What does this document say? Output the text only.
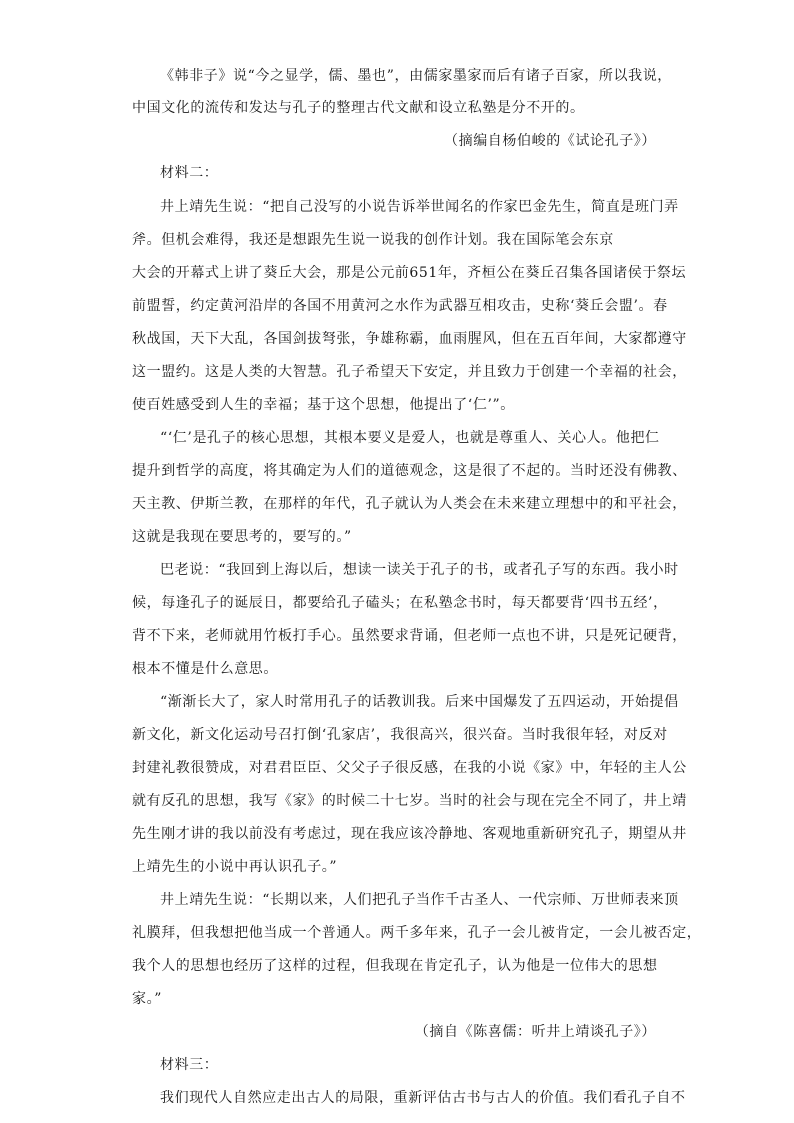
《韩非子》说“今之显学，儒、墨也”，由儒家墨家而后有诸子百家，所以我说，
中国文化的流传和发达与孔子的整理古代文献和设立私塾是分不开的。
（摘编自杨伯峻的《试论孔子》）
材料二：
井上靖先生说：“把自己没写的小说告诉举世闻名的作家巴金先生，简直是班门弄
斧。但机会难得，我还是想跟先生说一说我的创作计划。我在国际笔会东京
大会的开幕式上讲了葵丘大会，那是公元前651年，齐桓公在葵丘召集各国诸侯于祭坛
前盟誓，约定黄河沿岸的各国不用黄河之水作为武器互相攻击，史称‘葵丘会盟’。春
秋战国，天下大乱，各国剑拔弩张，争雄称霸，血雨腥风，但在五百年间，大家都遵守
这一盟约。这是人类的大智慧。孔子希望天下安定，并且致力于创建一个幸福的社会，
使百姓感受到人生的幸福；基于这个思想，他提出了‘仁’”。
“‘仁’是孔子的核心思想，其根本要义是爱人，也就是尊重人、关心人。他把仁
提升到哲学的高度，将其确定为人们的道德观念，这是很了不起的。当时还没有佛教、
天主教、伊斯兰教，在那样的年代，孔子就认为人类会在未来建立理想中的和平社会，
这就是我现在要思考的，要写的。”
巴老说：“我回到上海以后，想读一读关于孔子的书，或者孔子写的东西。我小时
候，每逢孔子的诞辰日，都要给孔子磕头；在私塾念书时，每天都要背‘四书五经’，
背不下来，老师就用竹板打手心。虽然要求背诵，但老师一点也不讲，只是死记硬背，
根本不懂是什么意思。
“渐渐长大了，家人时常用孔子的话教训我。后来中国爆发了五四运动，开始提倡
新文化，新文化运动号召打倒‘孔家店’，我很高兴，很兴奋。当时我很年轻，对反对
封建礼教很赞成，对君君臣臣、父父子子很反感，在我的小说《家》中，年轻的主人公
就有反孔的思想，我写《家》的时候二十七岁。当时的社会与现在完全不同了，井上靖
先生刚才讲的我以前没有考虑过，现在我应该冷静地、客观地重新研究孔子，期望从井
上靖先生的小说中再认识孔子。”
井上靖先生说：“长期以来，人们把孔子当作千古圣人、一代宗师、万世师表来顶
礼膜拜，但我想把他当成一个普通人。两千多年来，孔子一会儿被肯定，一会儿被否定，
我个人的思想也经历了这样的过程，但我现在肯定孔子，认为他是一位伟大的思想
家。”
（摘自《陈喜儒：听井上靖谈孔子》）
材料三：
我们现代人自然应走出古人的局限，重新评估古书与古人的价值。我们看孔子自不
